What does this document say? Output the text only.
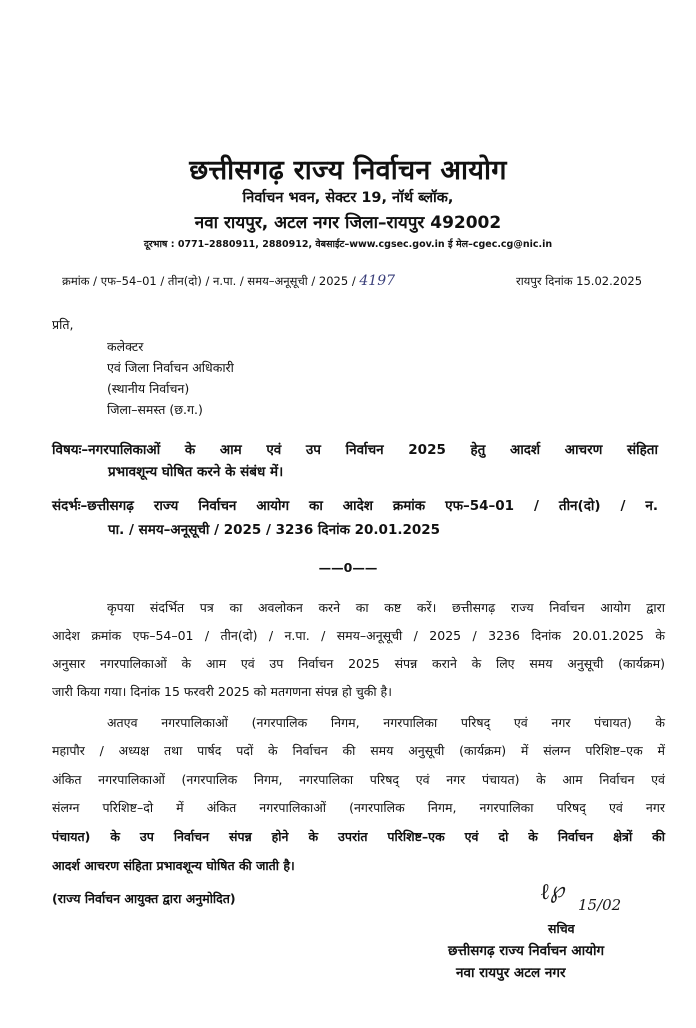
छत्तीसगढ़ राज्य निर्वाचन आयोग
निर्वाचन भवन, सेक्टर 19, नॉर्थ ब्लॉक,
नवा रायपुर, अटल नगर जिला–रायपुर 492002
दूरभाष : 0771–2880911, 2880912, वेबसाईट–www.cgsec.gov.in ई मेल–cgec.cg@nic.in
क्रमांक / एफ–54–01 / तीन(दो) / न.पा. / समय–अनूसूची / 2025 / 4197	रायपुर दिनांक 15.02.2025
प्रति,
कलेक्टर
एवं जिला निर्वाचन अधिकारी
(स्थानीय निर्वाचन)
जिला–समस्त (छ.ग.)
विषयः–नगरपालिकाओं के आम एवं उप निर्वाचन 2025 हेतु आदर्श आचरण संहिता
प्रभावशून्य घोषित करने के संबंध में।
संदर्भः–छत्तीसगढ़ राज्य निर्वाचन आयोग का आदेश क्रमांक एफ–54–01 / तीन(दो) / न.
पा. / समय–अनूसूची / 2025 / 3236 दिनांक 20.01.2025
——0——
कृपया संदर्भित पत्र का अवलोकन करने का कष्ट करें। छत्तीसगढ़ राज्य निर्वाचन आयोग द्वारा
आदेश क्रमांक एफ–54–01 / तीन(दो) / न.पा. / समय–अनूसूची / 2025 / 3236 दिनांक 20.01.2025 के
अनुसार नगरपालिकाओं के आम एवं उप निर्वाचन 2025 संपन्न कराने के लिए समय अनुसूची (कार्यक्रम)
जारी किया गया। दिनांक 15 फरवरी 2025 को मतगणना संपन्न हो चुकी है।
अतएव नगरपालिकाओं (नगरपालिक निगम, नगरपालिका परिषद् एवं नगर पंचायत) के
महापौर / अध्यक्ष तथा पार्षद पदों के निर्वाचन की समय अनुसूची (कार्यक्रम) में संलग्न परिशिष्ट–एक में
अंकित नगरपालिकाओं (नगरपालिक निगम, नगरपालिका परिषद् एवं नगर पंचायत) के आम निर्वाचन एवं
संलग्न परिशिष्ट–दो में अंकित नगरपालिकाओं (नगरपालिक निगम, नगरपालिका परिषद् एवं नगर
पंचायत) के उप निर्वाचन संपन्न होने के उपरांत परिशिष्ट–एक एवं दो के निर्वाचन क्षेत्रों की
आदर्श आचरण संहिता प्रभावशून्य घोषित की जाती है।
(राज्य निर्वाचन आयुक्त द्वारा अनुमोदित)	ℓ℘ 15/02
सचिव
छत्तीसगढ़ राज्य निर्वाचन आयोग
नवा रायपुर अटल नगर
